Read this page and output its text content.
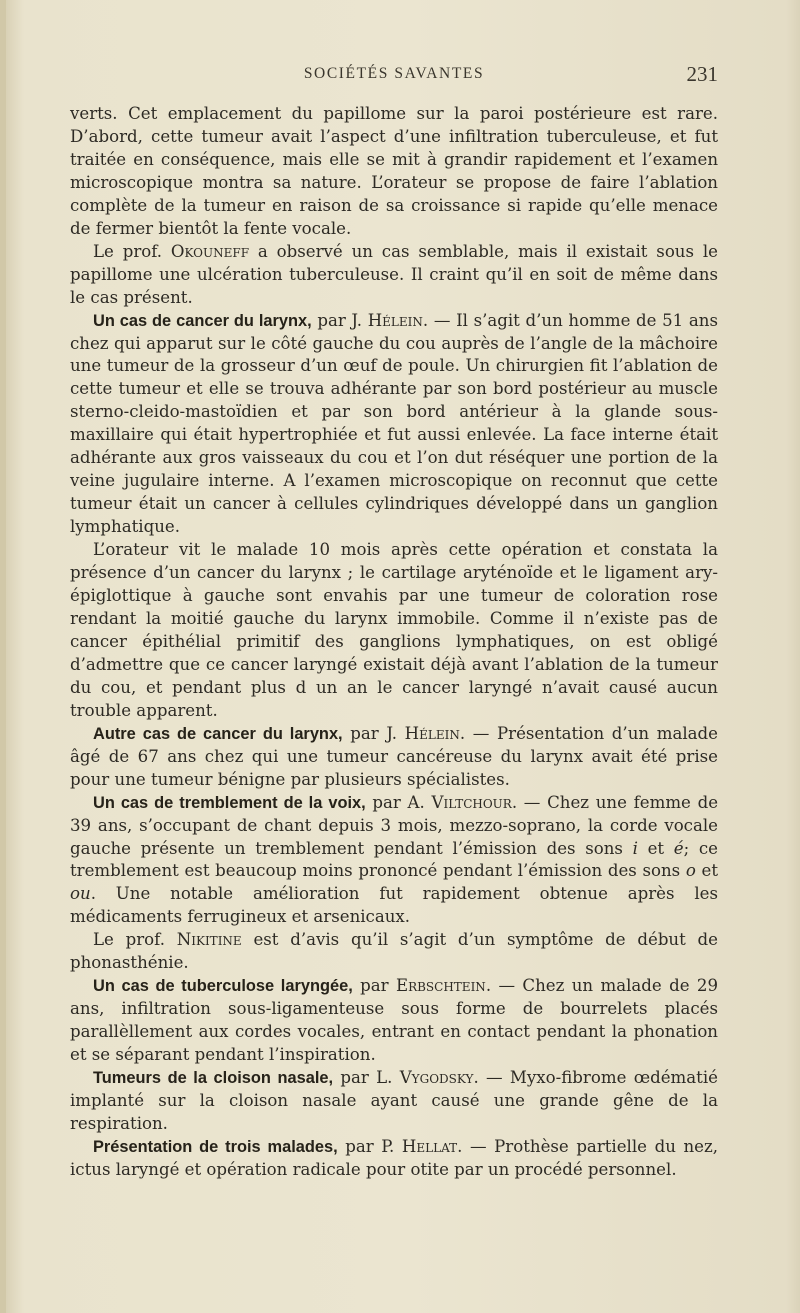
SOCIÉTÉS SAVANTES	231

verts. Cet emplacement du papillome sur la paroi postérieure est rare. D’abord, cette tumeur avait l’aspect d’une infiltration tuberculeuse, et fut traitée en conséquence, mais elle se mit à grandir rapidement et l’examen microscopique montra sa nature. L’orateur se propose de faire l’ablation complète de la tumeur en raison de sa croissance si rapide qu’elle menace de fermer bientôt la fente vocale.

Le prof. Okouneff a observé un cas semblable, mais il existait sous le papillome une ulcération tuberculeuse. Il craint qu’il en soit de même dans le cas présent.

Un cas de cancer du larynx, par J. Hélein. — Il s’agit d’un homme de 51 ans chez qui apparut sur le côté gauche du cou auprès de l’angle de la mâchoire une tumeur de la grosseur d’un œuf de poule. Un chirurgien fit l’ablation de cette tumeur et elle se trouva adhérante par son bord postérieur au muscle sterno-cleido-mastoïdien et par son bord antérieur à la glande sous-maxillaire qui était hypertrophiée et fut aussi enlevée. La face interne était adhérante aux gros vaisseaux du cou et l’on dut réséquer une portion de la veine jugulaire interne. A l’examen microscopique on reconnut que cette tumeur était un cancer à cellules cylindriques développé dans un ganglion lymphatique.

L’orateur vit le malade 10 mois après cette opération et constata la présence d’un cancer du larynx ; le cartilage aryténoïde et le ligament ary-épiglottique à gauche sont envahis par une tumeur de coloration rose rendant la moitié gauche du larynx immobile. Comme il n’existe pas de cancer épithélial primitif des ganglions lymphatiques, on est obligé d’admettre que ce cancer laryngé existait déjà avant l’ablation de la tumeur du cou, et pendant plus d un an le cancer laryngé n’avait causé aucun trouble apparent.

Autre cas de cancer du larynx, par J. Hélein. — Présentation d’un malade âgé de 67 ans chez qui une tumeur cancéreuse du larynx avait été prise pour une tumeur bénigne par plusieurs spécialistes.

Un cas de tremblement de la voix, par A. Viltchour. — Chez une femme de 39 ans, s’occupant de chant depuis 3 mois, mezzo-soprano, la corde vocale gauche présente un tremblement pendant l’émission des sons i et é; ce tremblement est beaucoup moins prononcé pendant l’émission des sons o et ou. Une notable amélioration fut rapidement obtenue après les médicaments ferrugineux et arsenicaux.

Le prof. Nikitine est d’avis qu’il s’agit d’un symptôme de début de phonasthénie.

Un cas de tuberculose laryngée, par Erbschtein. — Chez un malade de 29 ans, infiltration sous-ligamenteuse sous forme de bourrelets placés parallèllement aux cordes vocales, entrant en contact pendant la phonation et se séparant pendant l’inspiration.

Tumeurs de la cloison nasale, par L. Vygodsky. — Myxo-fibrome œdématié implanté sur la cloison nasale ayant causé une grande gêne de la respiration.

Présentation de trois malades, par P. Hellat. — Prothèse partielle du nez, ictus laryngé et opération radicale pour otite par un procédé personnel.
